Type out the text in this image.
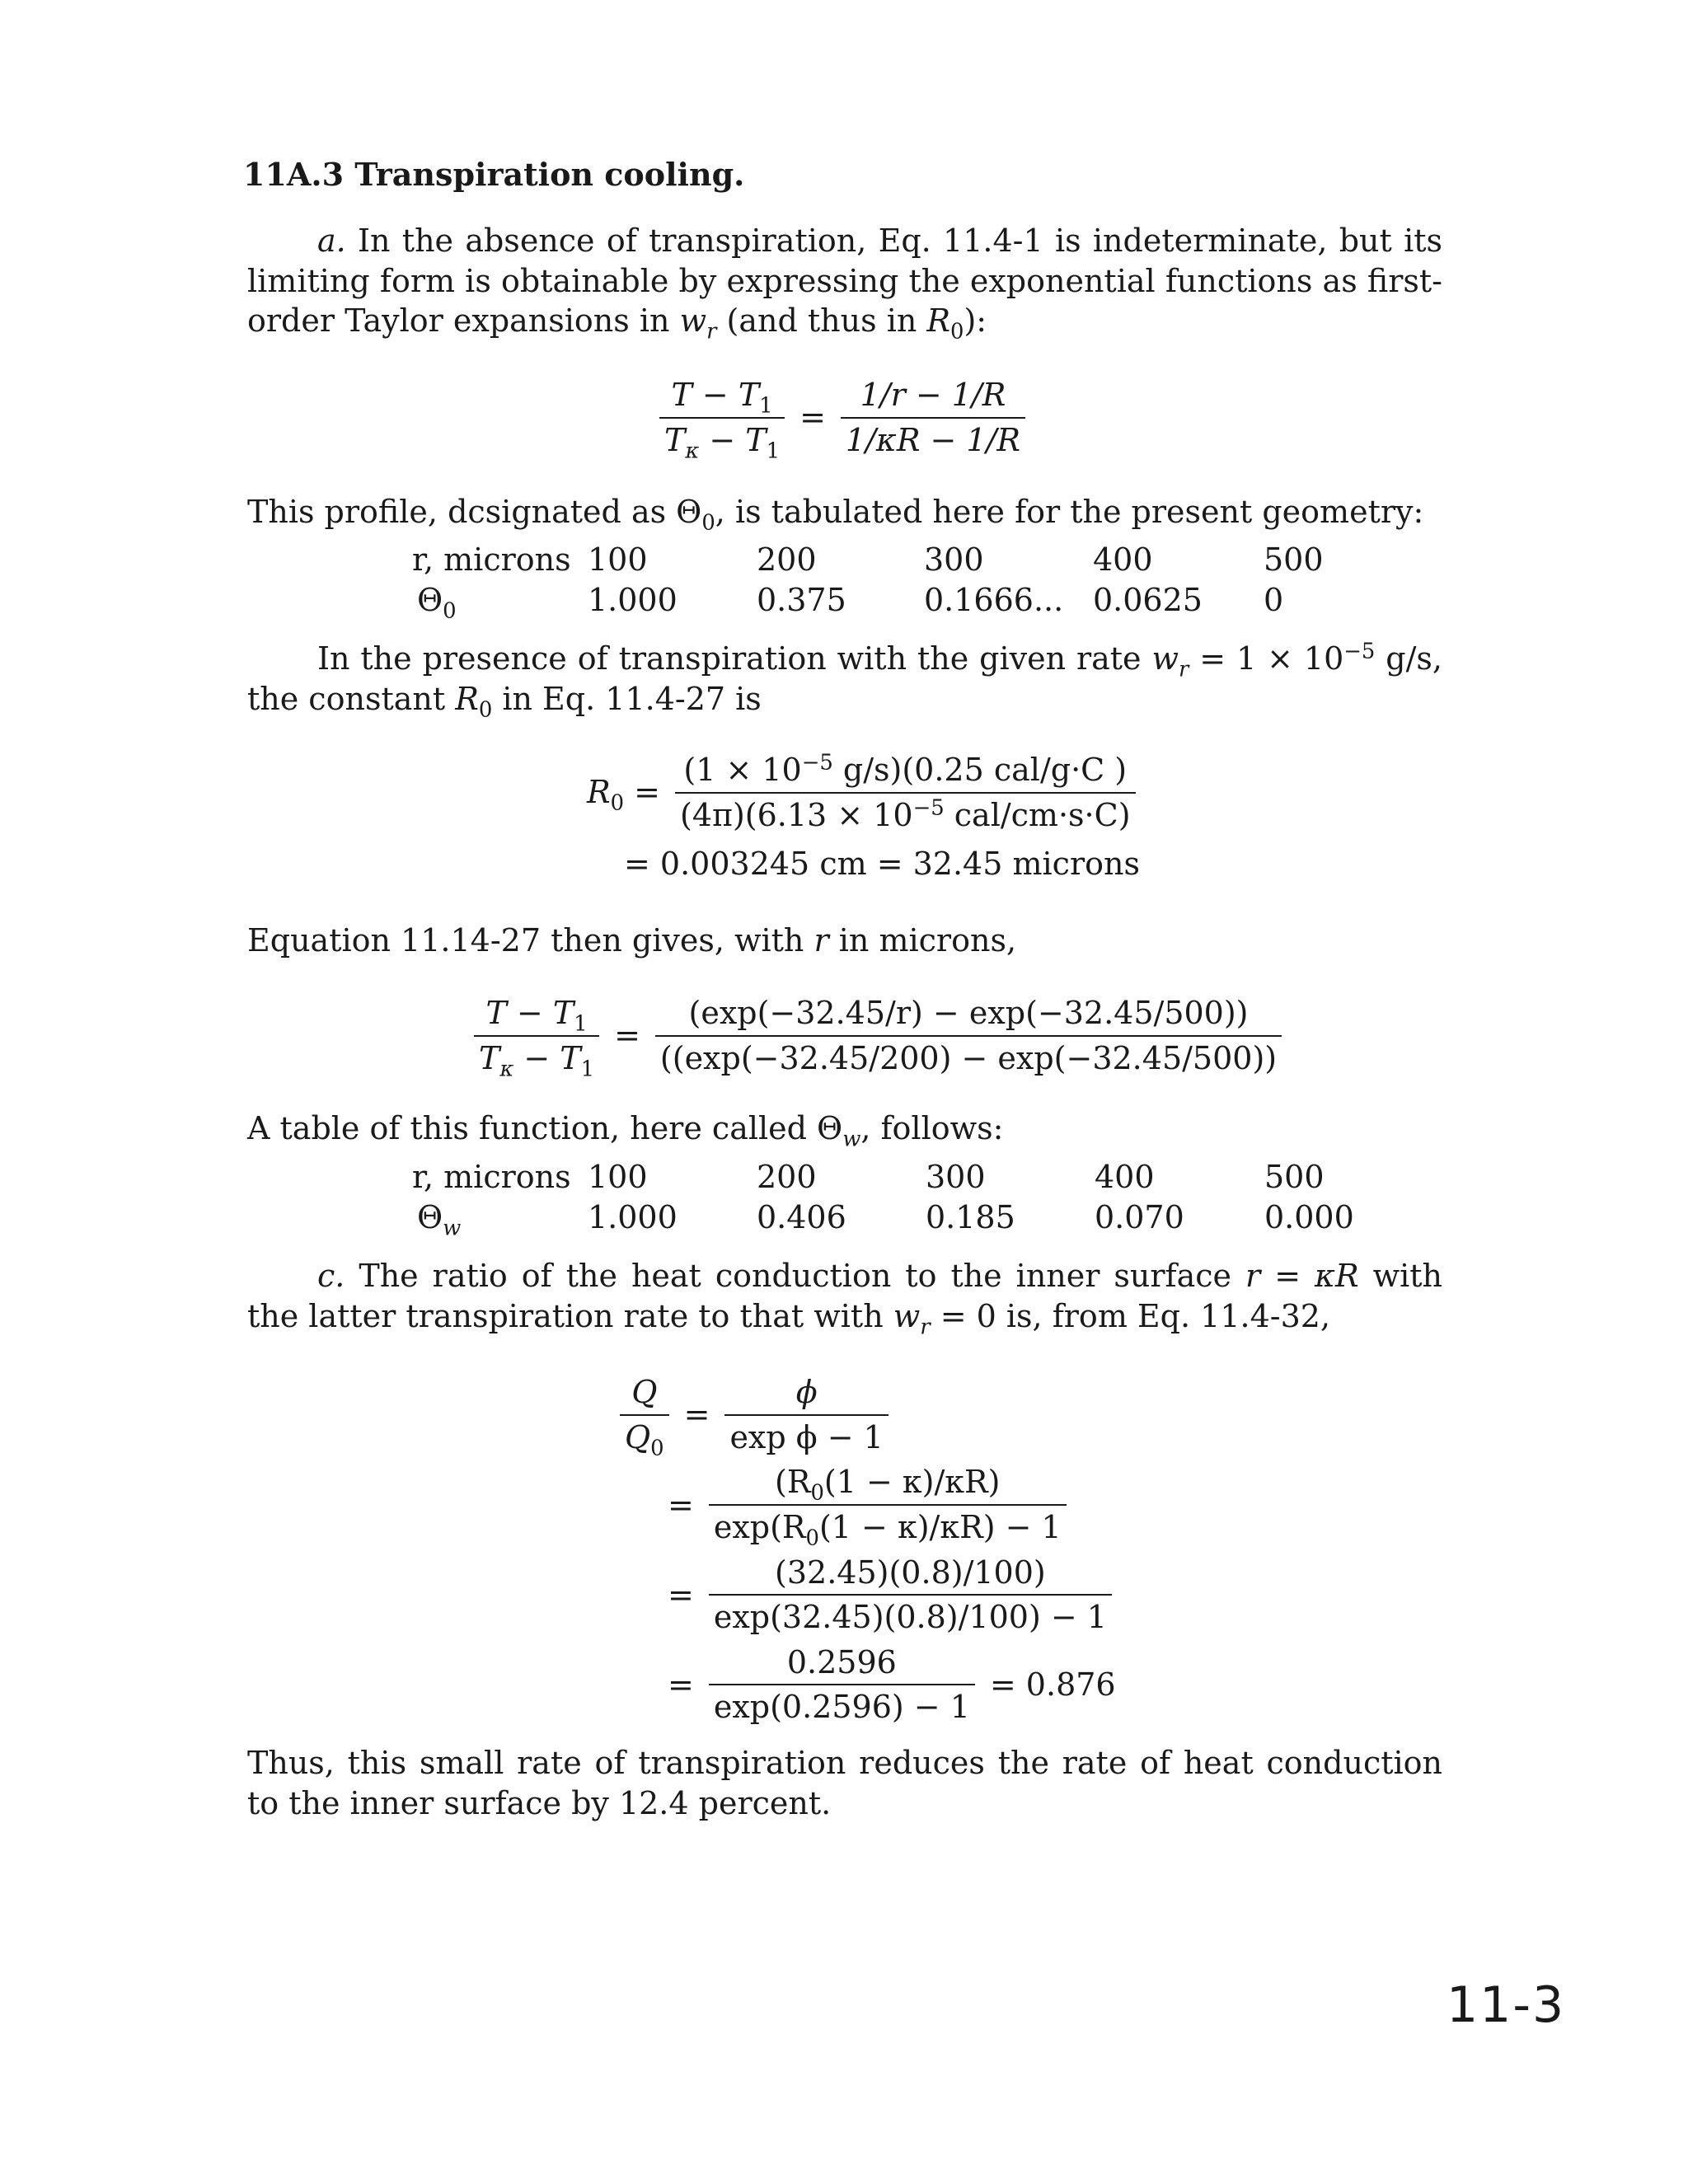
11A.3 Transpiration cooling.

a. In the absence of transpiration, Eq. 11.4-1 is indeterminate, but its limiting form is obtainable by expressing the exponential functions as first-order Taylor expansions in $w_r$ (and thus in $R_0$):

$\frac{T - T_1}{T_\kappa - T_1} = \frac{1/r - 1/R}{1/\kappa R - 1/R}$
This profile, dcsignated as $\Theta_0$, is tabulated here for the present geometry:
r, microns	100	200	300	400	500
$\Theta_0$	1.000	0.375	0.1666...	0.0625	0

In the presence of transpiration with the given rate $w_r = 1 \times 10^{-5}$ g/s, the constant $R_0$ in Eq. 11.4-27 is

$R_0 = \frac{(1 \times 10^{-5} g/s)(0.25 cal/g\cdot C )}{(4\pi)(6.13 \times 10^{-5} cal/cm\cdot s\cdot C)}$
= 0.003245 cm = 32.45 microns
Equation 11.14-27 then gives, with r in microns,
$\frac{T - T_1}{T_\kappa - T_1} = \frac{(\exp(-32.45/r) - \exp(-32.45/500))}{((\exp(-32.45/200) - \exp(-32.45/500))}$
A table of this function, here called $\Theta_w$, follows:
r, microns	100	200	300	400	500
$\Theta_w$	1.000	0.406	0.185	0.070	0.000

c. The ratio of the heat conduction to the inner surface r = κR with the latter transpiration rate to that with $w_r = 0$ is, from Eq. 11.4-32,

$\frac{Q}{Q_0} = \frac{\phi}{\text{exp ϕ − 1}}$
= $\frac{(R_0(1 - \kappa)/\kappa R)}{\exp(R_0(1 - \kappa)/\kappa R) - 1}$
= $\frac{(32.45)(0.8)/100)}{\exp(32.45)(0.8)/100) - 1}$
= $\frac{0.2596}{\exp(0.2596) - 1} = 0.876$

Thus, this small rate of transpiration reduces the rate of heat conduction to the inner surface by 12.4 percent.

11-3
